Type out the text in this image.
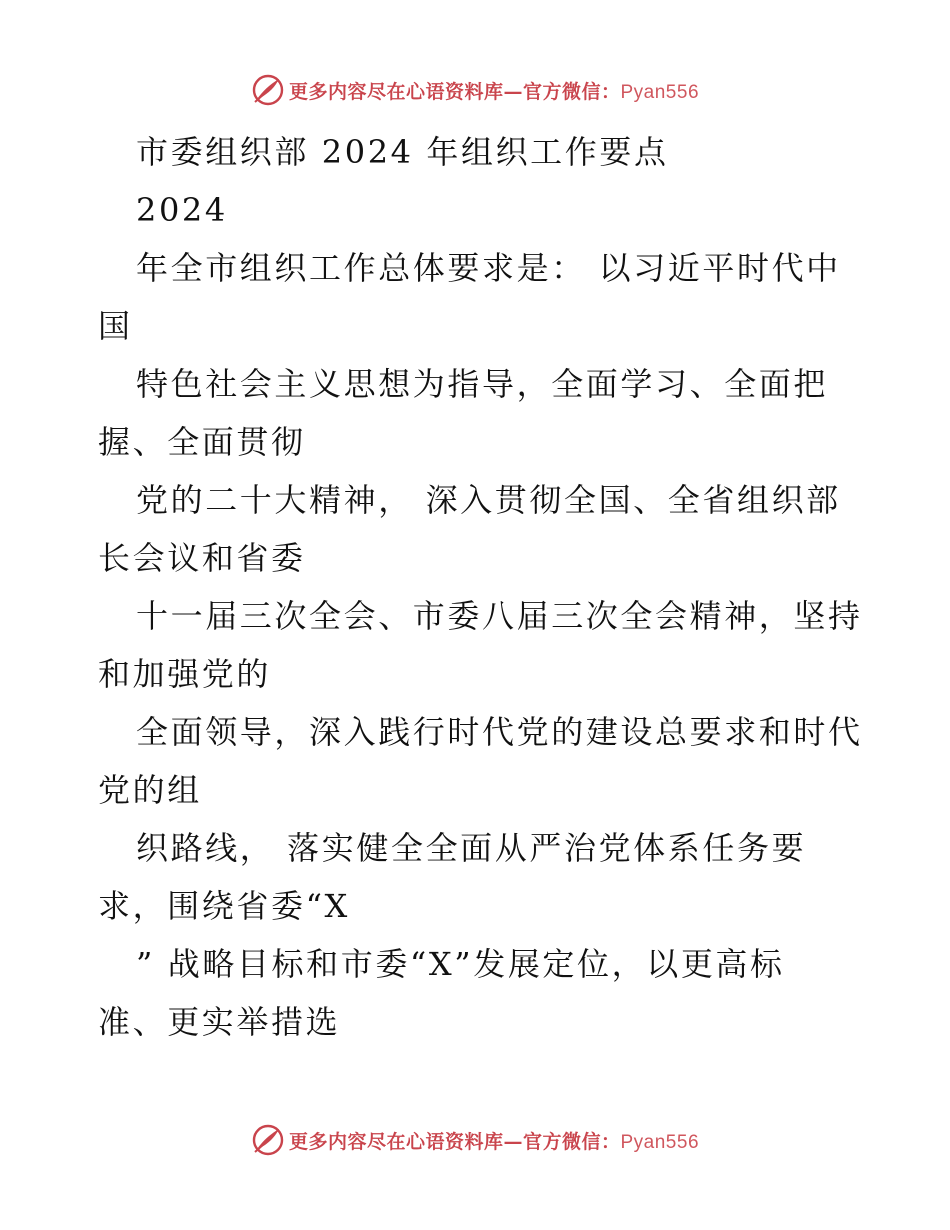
更多内容尽在心语资料库—官方微信：Pyan556
市委组织部 2024 年组织工作要点
2024
年全市组织工作总体要求是： 以习近平时代中
国
特色社会主义思想为指导，全面学习、全面把
握、全面贯彻
党的二十大精神， 深入贯彻全国、全省组织部
长会议和省委
十一届三次全会、市委八届三次全会精神，坚持
和加强党的
全面领导，深入践行时代党的建设总要求和时代
党的组
织路线， 落实健全全面从严治党体系任务要
求，围绕省委“X
” 战略目标和市委“X”发展定位，以更高标
准、更实举措选
更多内容尽在心语资料库—官方微信：Pyan556
